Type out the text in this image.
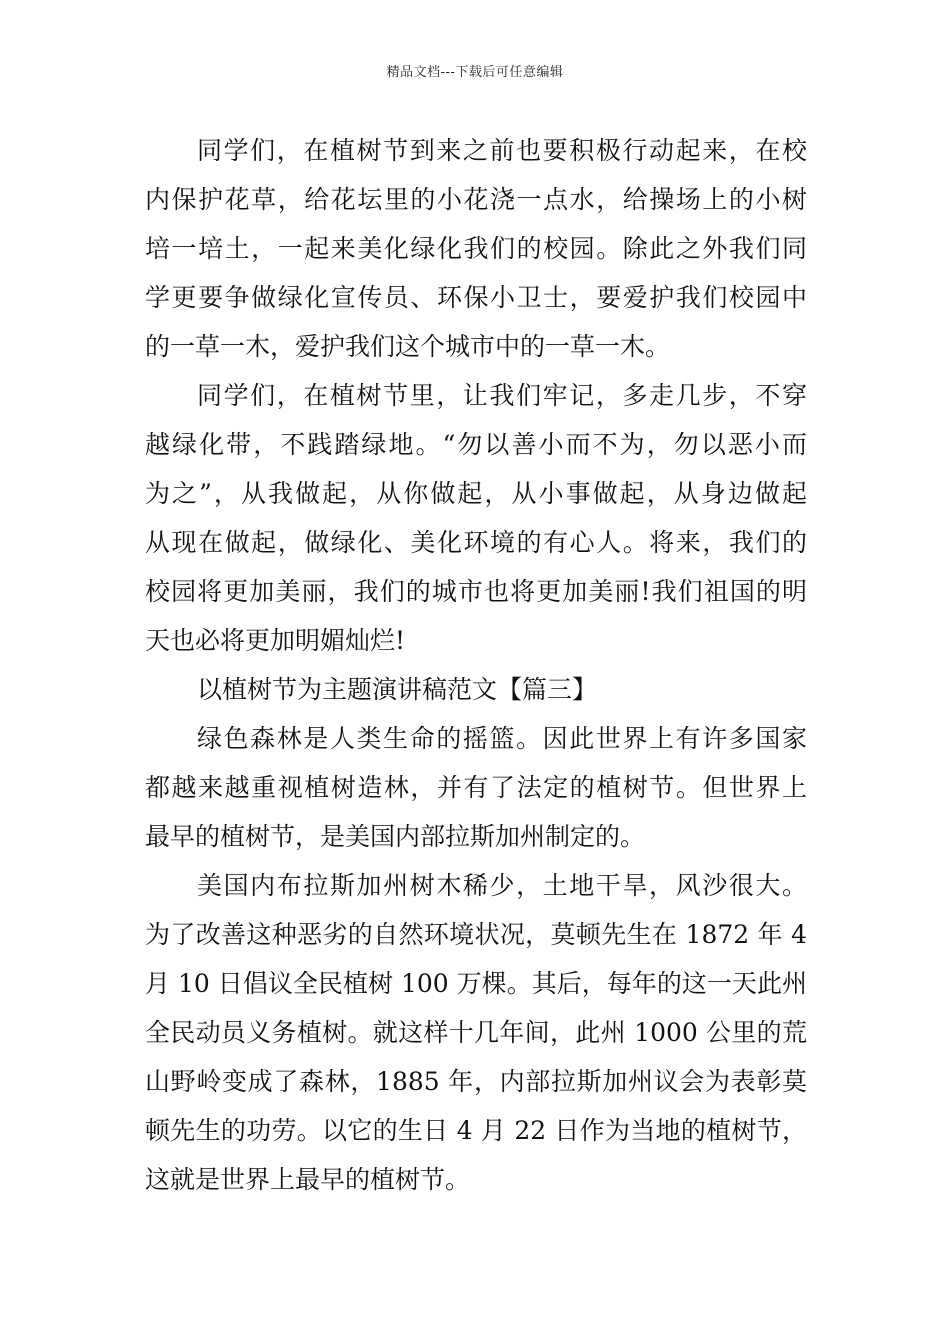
精品文档---下载后可任意编辑
同学们，在植树节到来之前也要积极行动起来，在校
内保护花草，给花坛里的小花浇一点水，给操场上的小树
培一培土，一起来美化绿化我们的校园。除此之外我们同
学更要争做绿化宣传员、环保小卫士，要爱护我们校园中
的一草一木，爱护我们这个城市中的一草一木。
同学们，在植树节里，让我们牢记，多走几步，不穿
越绿化带，不践踏绿地。“勿以善小而不为，勿以恶小而
为之”，从我做起，从你做起，从小事做起，从身边做起
从现在做起，做绿化、美化环境的有心人。将来，我们的
校园将更加美丽，我们的城市也将更加美丽!我们祖国的明
天也必将更加明媚灿烂!
以植树节为主题演讲稿范文【篇三】
绿色森林是人类生命的摇篮。因此世界上有许多国家
都越来越重视植树造林，并有了法定的植树节。但世界上
最早的植树节，是美国内部拉斯加州制定的。
美国内布拉斯加州树木稀少，土地干旱，风沙很大。
为了改善这种恶劣的自然环境状况，莫顿先生在 1872 年 4
月 10 日倡议全民植树 100 万棵。其后，每年的这一天此州
全民动员义务植树。就这样十几年间，此州 1000 公里的荒
山野岭变成了森林，1885 年，内部拉斯加州议会为表彰莫
顿先生的功劳。以它的生日 4 月 22 日作为当地的植树节，
这就是世界上最早的植树节。
